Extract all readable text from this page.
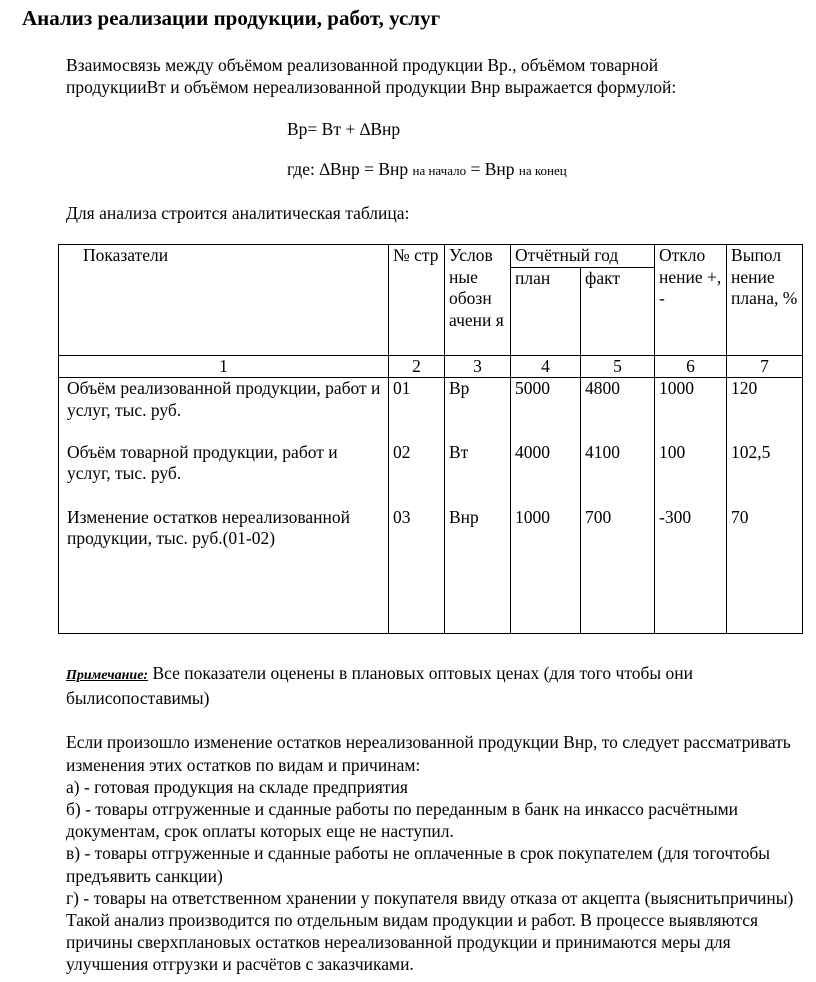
Анализ реализации продукции, работ, услуг
Взаимосвязь между объёмом реализованной продукции Вр., объёмом товарной
продукцииВт и объёмом нереализованной продукции Внр выражается формулой:
Вр= Вт + ∆Внр
где: ∆Внр = Внр на начало = Внр на конец
Для анализа строится аналитическая таблица:
Показатели	№ стр	Услов ные обозн ачени я	Отчётный год		Откло нение +, -	Выпол нение плана, %
			план	факт		
1	2	3	4	5	6	7
Объём реализованной продукции, работ и услуг, тыс. руб.	01	Вр	5000	4800	1000	120
Объём товарной продукции, работ и услуг, тыс. руб.	02	Вт	4000	4100	100	102,5
Изменение остатков нереализованной продукции, тыс. руб.(01-02)	03	Внр	1000	700	-300	70

Примечание: Все показатели оценены в плановых оптовых ценах (для того чтобы они былисопоставимы)

Если произошло изменение остатков нереализованной продукции Внр, то следует рассматривать изменения этих остатков по видам и причинам:

а) - готовая продукция на складе предприятия

б) - товары отгруженные и сданные работы по переданным в банк на инкассо расчётными документам, срок оплаты которых еще не наступил.

в) - товары отгруженные и сданные работы не оплаченные в срок покупателем (для тогочтобы предъявить санкции)

г) - товары на ответственном хранении у покупателя ввиду отказа от акцепта (выяснитьпричины)

Такой анализ производится по отдельным видам продукции и работ. В процессе выявляются причины сверхплановых остатков нереализованной продукции и принимаются меры для улучшения отгрузки и расчётов с заказчиками.
